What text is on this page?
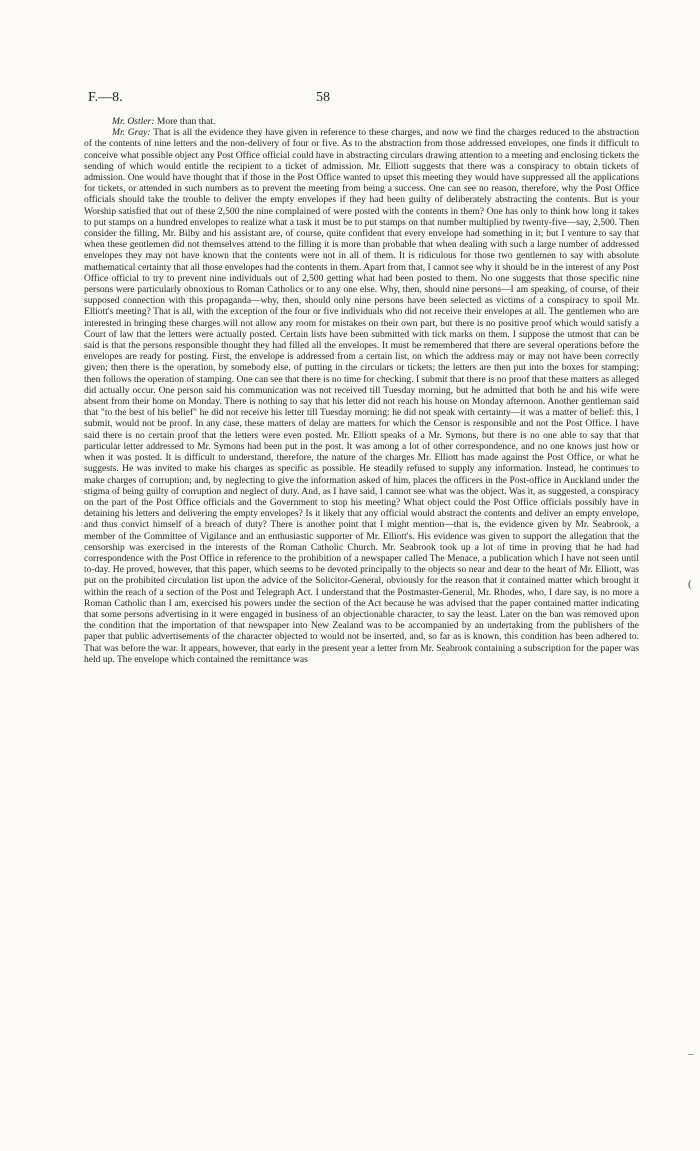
F.—8.	58

Mr. Ostler: More than that.

Mr. Gray: That is all the evidence they have given in reference to these charges, and now we find the charges reduced to the abstraction of the contents of nine letters and the non-delivery of four or five. As to the abstraction from those addressed envelopes, one finds it difficult to conceive what possible object any Post Office official could have in abstracting circulars drawing attention to a meeting and enclosing tickets the sending of which would entitle the recipient to a ticket of admission. Mr. Elliott suggests that there was a conspiracy to obtain tickets of admission. One would have thought that if those in the Post Office wanted to upset this meeting they would have suppressed all the applications for tickets, or attended in such numbers as to prevent the meeting from being a success. One can see no reason, therefore, why the Post Office officials should take the trouble to deliver the empty envelopes if they had been guilty of deliberately abstracting the contents. But is your Worship satisfied that out of these 2,500 the nine complained of were posted with the contents in them? One has only to think how long it takes to put stamps on a hundred envelopes to realize what a task it must be to put stamps on that number multiplied by twenty-five—say, 2,500. Then consider the filling. Mr. Bilby and his assistant are, of course, quite confident that every envelope had something in it; but I venture to say that when these gentlemen did not themselves attend to the filling it is more than probable that when dealing with such a large number of addressed envelopes they may not have known that the contents were not in all of them. It is ridiculous for those two gentlemen to say with absolute mathematical certainty that all those envelopes had the contents in them. Apart from that, I cannot see why it should be in the interest of any Post Office official to try to prevent nine individuals out of 2,500 getting what had been posted to them. No one suggests that those specific nine persons were particularly obnoxious to Roman Catholics or to any one else. Why, then, should nine persons—I am speaking, of course, of their supposed connection with this propaganda—why, then, should only nine persons have been selected as victims of a conspiracy to spoil Mr. Elliott's meeting? That is all, with the exception of the four or five individuals who did not receive their envelopes at all. The gentlemen who are interested in bringing these charges will not allow any room for mistakes on their own part, but there is no positive proof which would satisfy a Court of law that the letters were actually posted. Certain lists have been submitted with tick marks on them. I suppose the utmost that can be said is that the persons responsible thought they had filled all the envelopes. It must be remembered that there are several operations before the envelopes are ready for posting. First, the envelope is addressed from a certain list, on which the address may or may not have been correctly given; then there is the operation, by somebody else, of putting in the circulars or tickets; the letters are then put into the boxes for stamping; then follows the operation of stamping. One can see that there is no time for checking. I submit that there is no proof that these matters as alleged did actually occur. One person said his communication was not received till Tuesday morning, but he admitted that both he and his wife were absent from their home on Monday. There is nothing to say that his letter did not reach his house on Monday afternoon. Another gentleman said that "to the best of his belief" he did not receive his letter till Tuesday morning: he did not speak with certainty—it was a matter of belief: this, I submit, would not be proof. In any case, these matters of delay are matters for which the Censor is responsible and not the Post Office. I have said there is no certain proof that the letters were even posted. Mr. Elliott speaks of a Mr. Symons, but there is no one able to say that that particular letter addressed to Mr. Symons had been put in the post. It was among a lot of other correspondence, and no one knows just how or when it was posted. It is difficult to understand, therefore, the nature of the charges Mr. Elliott has made against the Post Office, or what he suggests. He was invited to make his charges as specific as possible. He steadily refused to supply any information. Instead, he continues to make charges of corruption; and, by neglecting to give the information asked of him, places the officers in the Post-office in Auckland under the stigma of being guilty of corruption and neglect of duty. And, as I have said, I cannot see what was the object. Was it, as suggested, a conspiracy on the part of the Post Office officials and the Government to stop his meeting? What object could the Post Office officials possibly have in detaining his letters and delivering the empty envelopes? Is it likely that any official would abstract the contents and deliver an empty envelope, and thus convict himself of a breach of duty? There is another point that I might mention—that is, the evidence given by Mr. Seabrook, a member of the Committee of Vigilance and an enthusiastic supporter of Mr. Elliott's. His evidence was given to support the allegation that the censorship was exercised in the interests of the Roman Catholic Church. Mr. Seabrook took up a lot of time in proving that he had had correspondence with the Post Office in reference to the prohibition of a newspaper called The Menace, a publication which I have not seen until to-day. He proved, however, that this paper, which seems to be devoted principally to the objects so near and dear to the heart of Mr. Elliott, was put on the prohibited circulation list upon the advice of the Solicitor-General, obviously for the reason that it contained matter which brought it within the reach of a section of the Post and Telegraph Act. I understand that the Postmaster-General, Mr. Rhodes, who, I dare say, is no more a Roman Catholic than I am, exercised his powers under the section of the Act because he was advised that the paper contained matter indicating that some persons advertising in it were engaged in business of an objectionable character, to say the least. Later on the ban was removed upon the condition that the importation of that newspaper into New Zealand was to be accompanied by an undertaking from the publishers of the paper that public advertisements of the character objected to would not be inserted, and, so far as is known, this condition has been adhered to. That was before the war. It appears, however, that early in the present year a letter from Mr. Seabrook containing a subscription for the paper was held up. The envelope which contained the remittance was

(
–
